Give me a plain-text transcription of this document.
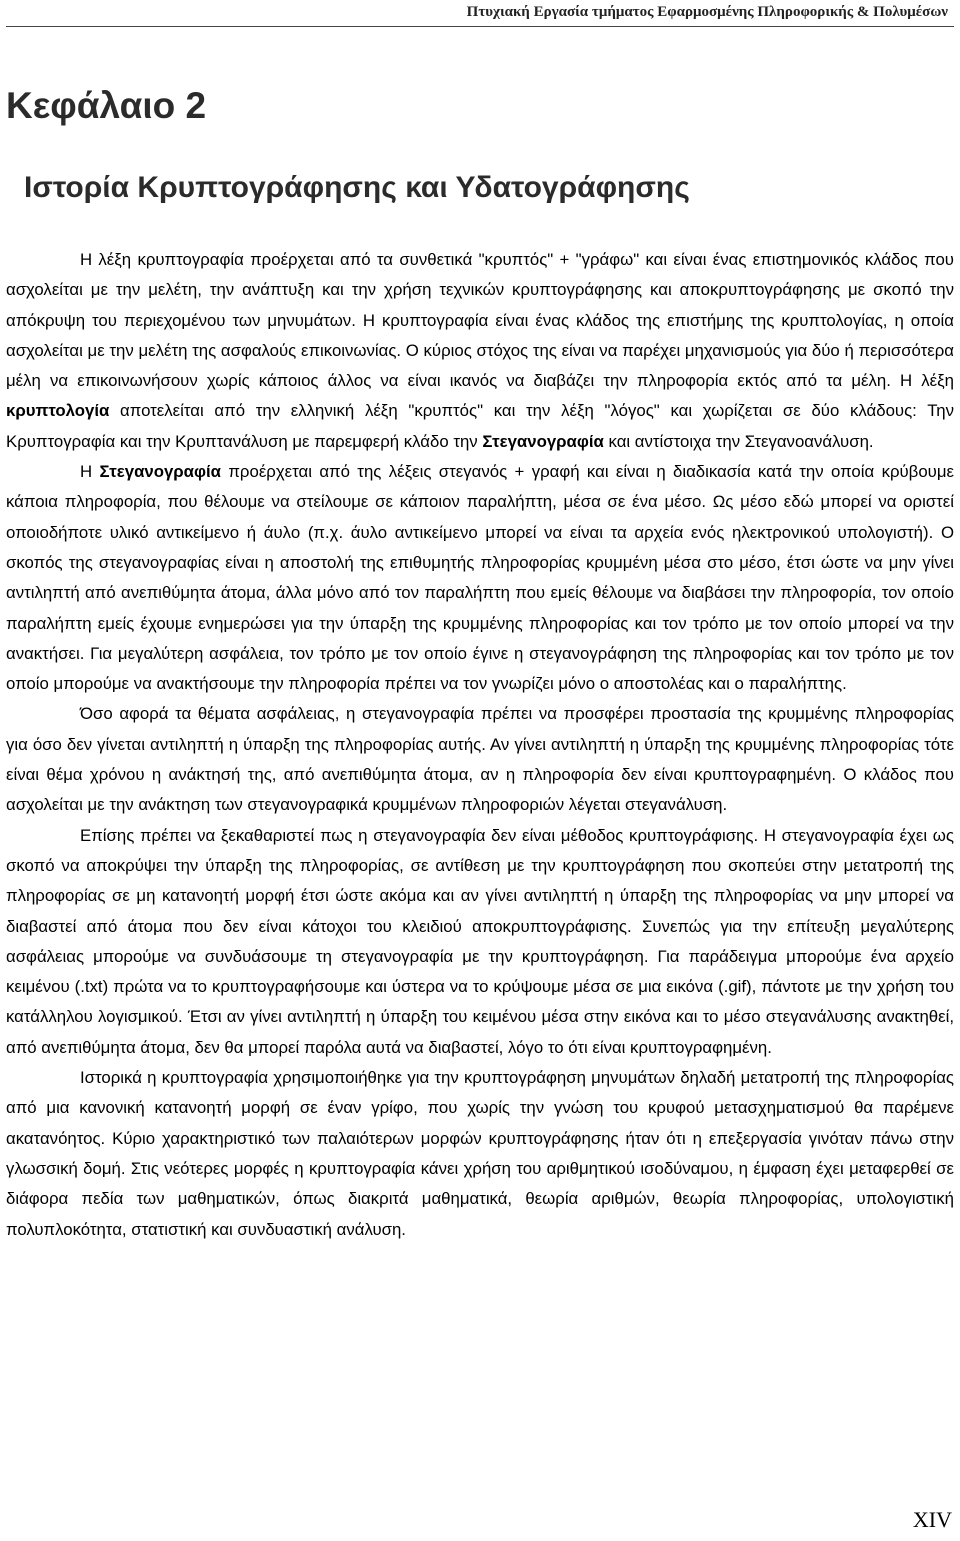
Πτυχιακή Εργασία τμήματος Εφαρμοσμένης Πληροφορικής & Πολυμέσων
Κεφάλαιο 2
Ιστορία Κρυπτογράφησης και Υδατογράφησης

Η λέξη κρυπτογραφία προέρχεται από τα συνθετικά "κρυπτός" + "γράφω" και είναι ένας επιστημονικός κλάδος που ασχολείται με την μελέτη, την ανάπτυξη και την χρήση τεχνικών κρυπτογράφησης και αποκρυπτογράφησης με σκοπό την απόκρυψη του περιεχομένου των μηνυμάτων. Η κρυπτογραφία είναι ένας κλάδος της επιστήμης της κρυπτολογίας, η οποία ασχολείται με την μελέτη της ασφαλούς επικοινωνίας. Ο κύριος στόχος της είναι να παρέχει μηχανισμούς για δύο ή περισσότερα μέλη να επικοινωνήσουν χωρίς κάποιος άλλος να είναι ικανός να διαβάζει την πληροφορία εκτός από τα μέλη. Η λέξη κρυπτολογία αποτελείται από την ελληνική λέξη "κρυπτός" και την λέξη "λόγος" και χωρίζεται σε δύο κλάδους: Την Κρυπτογραφία και την Κρυπτανάλυση με παρεμφερή κλάδο την Στεγανογραφία και αντίστοιχα την Στεγανοανάλυση.

Η Στεγανογραφία προέρχεται από της λέξεις στεγανός + γραφή και είναι η διαδικασία κατά την οποία κρύβουμε κάποια πληροφορία, που θέλουμε να στείλουμε σε κάποιον παραλήπτη, μέσα σε ένα μέσο. Ως μέσο εδώ μπορεί να οριστεί οποιοδήποτε υλικό αντικείμενο ή άυλο (π.χ. άυλο αντικείμενο μπορεί να είναι τα αρχεία ενός ηλεκτρονικού υπολογιστή). Ο σκοπός της στεγανογραφίας είναι η αποστολή της επιθυμητής πληροφορίας κρυμμένη μέσα στο μέσο, έτσι ώστε να μην γίνει αντιληπτή από ανεπιθύμητα άτομα, άλλα μόνο από τον παραλήπτη που εμείς θέλουμε να διαβάσει την πληροφορία, τον οποίο παραλήπτη εμείς έχουμε ενημερώσει για την ύπαρξη της κρυμμένης πληροφορίας και τον τρόπο με τον οποίο μπορεί να την ανακτήσει. Για μεγαλύτερη ασφάλεια, τον τρόπο με τον οποίο έγινε η στεγανογράφηση της πληροφορίας και τον τρόπο με τον οποίο μπορούμε να ανακτήσουμε την πληροφορία πρέπει να τον γνωρίζει μόνο ο αποστολέας και ο παραλήπτης.

Όσο αφορά τα θέματα ασφάλειας, η στεγανογραφία πρέπει να προσφέρει προστασία της κρυμμένης πληροφορίας για όσο δεν γίνεται αντιληπτή η ύπαρξη της πληροφορίας αυτής. Αν γίνει αντιληπτή η ύπαρξη της κρυμμένης πληροφορίας τότε είναι θέμα χρόνου η ανάκτησή της, από ανεπιθύμητα άτομα, αν η πληροφορία δεν είναι κρυπτογραφημένη. Ο κλάδος που ασχολείται με την ανάκτηση των στεγανογραφικά κρυμμένων πληροφοριών λέγεται στεγανάλυση.

Επίσης πρέπει να ξεκαθαριστεί πως η στεγανογραφία δεν είναι μέθοδος κρυπτογράφισης. Η στεγανογραφία έχει ως σκοπό να αποκρύψει την ύπαρξη της πληροφορίας, σε αντίθεση με την κρυπτογράφηση που σκοπεύει στην μετατροπή της πληροφορίας σε μη κατανοητή μορφή έτσι ώστε ακόμα και αν γίνει αντιληπτή η ύπαρξη της πληροφορίας να μην μπορεί να διαβαστεί από άτομα που δεν είναι κάτοχοι του κλειδιού αποκρυπτογράφισης. Συνεπώς για την επίτευξη μεγαλύτερης ασφάλειας μπορούμε να συνδυάσουμε τη στεγανογραφία με την κρυπτογράφηση. Για παράδειγμα μπορούμε ένα αρχείο κειμένου (.txt) πρώτα να το κρυπτογραφήσουμε και ύστερα να το κρύψουμε μέσα σε μια εικόνα (.gif), πάντοτε με την χρήση του κατάλληλου λογισμικού. Έτσι αν γίνει αντιληπτή η ύπαρξη του κειμένου μέσα στην εικόνα και το μέσο στεγανάλυσης ανακτηθεί, από ανεπιθύμητα άτομα, δεν θα μπορεί παρόλα αυτά να διαβαστεί, λόγο το ότι είναι κρυπτογραφημένη.

Ιστορικά η κρυπτογραφία χρησιμοποιήθηκε για την κρυπτογράφηση μηνυμάτων δηλαδή μετατροπή της πληροφορίας από μια κανονική κατανοητή μορφή σε έναν γρίφο, που χωρίς την γνώση του κρυφού μετασχηματισμού θα παρέμενε ακατανόητος. Κύριο χαρακτηριστικό των παλαιότερων μορφών κρυπτογράφησης ήταν ότι η επεξεργασία γινόταν πάνω στην γλωσσική δομή. Στις νεότερες μορφές η κρυπτογραφία κάνει χρήση του αριθμητικού ισοδύναμου, η έμφαση έχει μεταφερθεί σε διάφορα πεδία των μαθηματικών, όπως διακριτά μαθηματικά, θεωρία αριθμών, θεωρία πληροφορίας, υπολογιστική πολυπλοκότητα, στατιστική και συνδυαστική ανάλυση.

XIV
